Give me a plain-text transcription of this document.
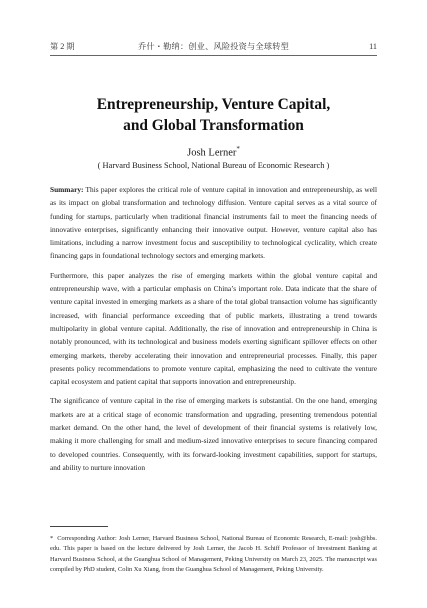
第 2 期	乔什・勒纳：创业、风险投资与全球转型	11
Entrepreneurship, Venture Capital,
and Global Transformation
Josh Lerner*
( Harvard Business School, National Bureau of Economic Research )

Summary: This paper explores the critical role of venture capital in innovation and entrepreneurship, as well as its impact on global transformation and technology diffusion. Venture capital serves as a vital source of funding for startups, particularly when traditional financial instruments fail to meet the financing needs of innovative enterprises, significantly enhancing their innovative output. However, venture capital also has limitations, including a narrow investment focus and susceptibility to technological cyclicality, which create financing gaps in foundational technology sectors and emerging markets.

Furthermore, this paper analyzes the rise of emerging markets within the global venture capital and entrepreneurship wave, with a particular emphasis on China’s important role. Data indicate that the share of venture capital invested in emerging markets as a share of the total global transaction volume has significantly increased, with financial performance exceeding that of public markets, illustrating a trend towards multipolarity in global venture capital. Additionally, the rise of innovation and entrepreneurship in China is notably pronounced, with its technological and business models exerting significant spillover effects on other emerging markets, thereby accelerating their innovation and entrepreneurial processes. Finally, this paper presents policy recommendations to promote venture capital, emphasizing the need to cultivate the venture capital ecosystem and patient capital that supports innovation and entrepreneurship.

The significance of venture capital in the rise of emerging markets is substantial. On the one hand, emerging markets are at a critical stage of economic transformation and upgrading, presenting tremendous potential market demand. On the other hand, the level of development of their financial systems is relatively low, making it more challenging for small and medium-sized innovative enterprises to secure financing compared to developed countries. Consequently, with its forward-looking investment capabilities, support for startups, and ability to nurture innovation

* Corresponding Author: Josh Lerner, Harvard Business School, National Bureau of Economic Research, E-mail: josh@hbs. edu. This paper is based on the lecture delivered by Josh Lerner, the Jacob H. Schiff Professor of Investment Banking at Harvard Business School, at the Guanghua School of Management, Peking University on March 23, 2025. The manuscript was compiled by PhD student, Colin Xu Xiang, from the Guanghua School of Management, Peking University.
